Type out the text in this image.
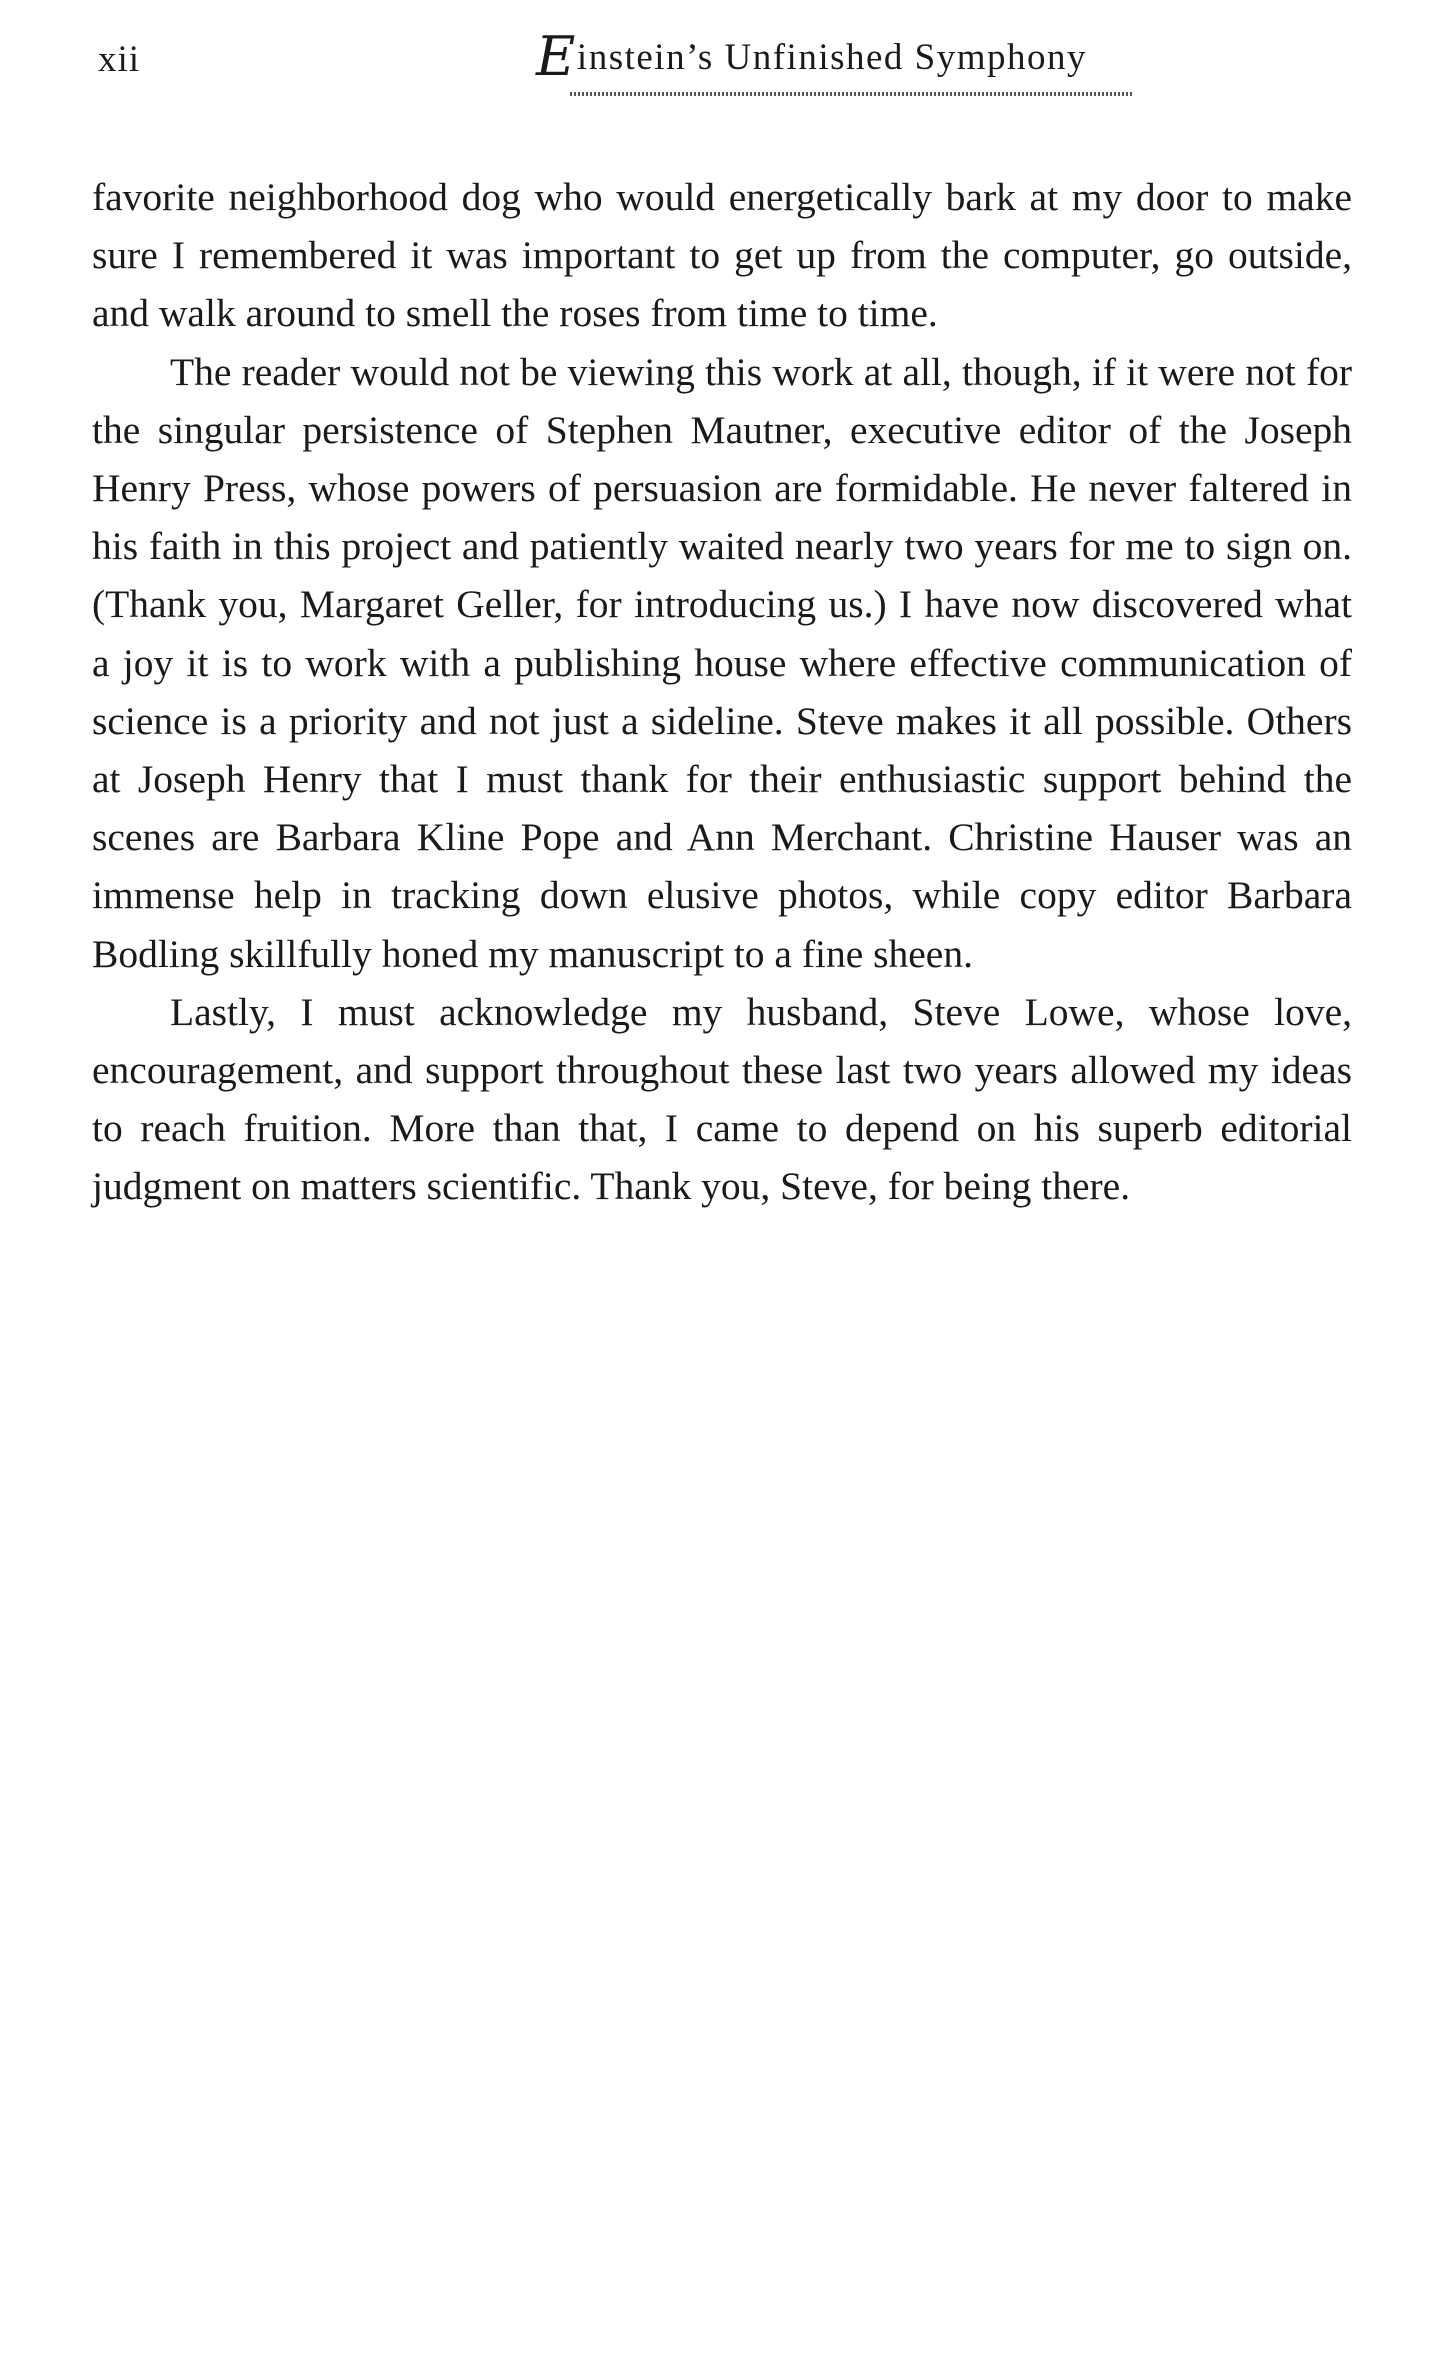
xii	Einstein’s Unfinished Symphony

favorite neighborhood dog who would energetically bark at my door to make sure I remembered it was important to get up from the computer, go outside, and walk around to smell the roses from time to time.

The reader would not be viewing this work at all, though, if it were not for the singular persistence of Stephen Mautner, executive editor of the Joseph Henry Press, whose powers of persuasion are formidable. He never faltered in his faith in this project and patiently waited nearly two years for me to sign on. (Thank you, Margaret Geller, for introducing us.) I have now discovered what a joy it is to work with a publishing house where effective communication of science is a priority and not just a sideline. Steve makes it all possible. Others at Joseph Henry that I must thank for their enthusiastic support behind the scenes are Barbara Kline Pope and Ann Merchant. Christine Hauser was an immense help in tracking down elusive photos, while copy editor Barbara Bodling skillfully honed my manuscript to a fine sheen.

Lastly, I must acknowledge my husband, Steve Lowe, whose love, encouragement, and support throughout these last two years allowed my ideas to reach fruition. More than that, I came to depend on his superb editorial judgment on matters scientific. Thank you, Steve, for being there.
